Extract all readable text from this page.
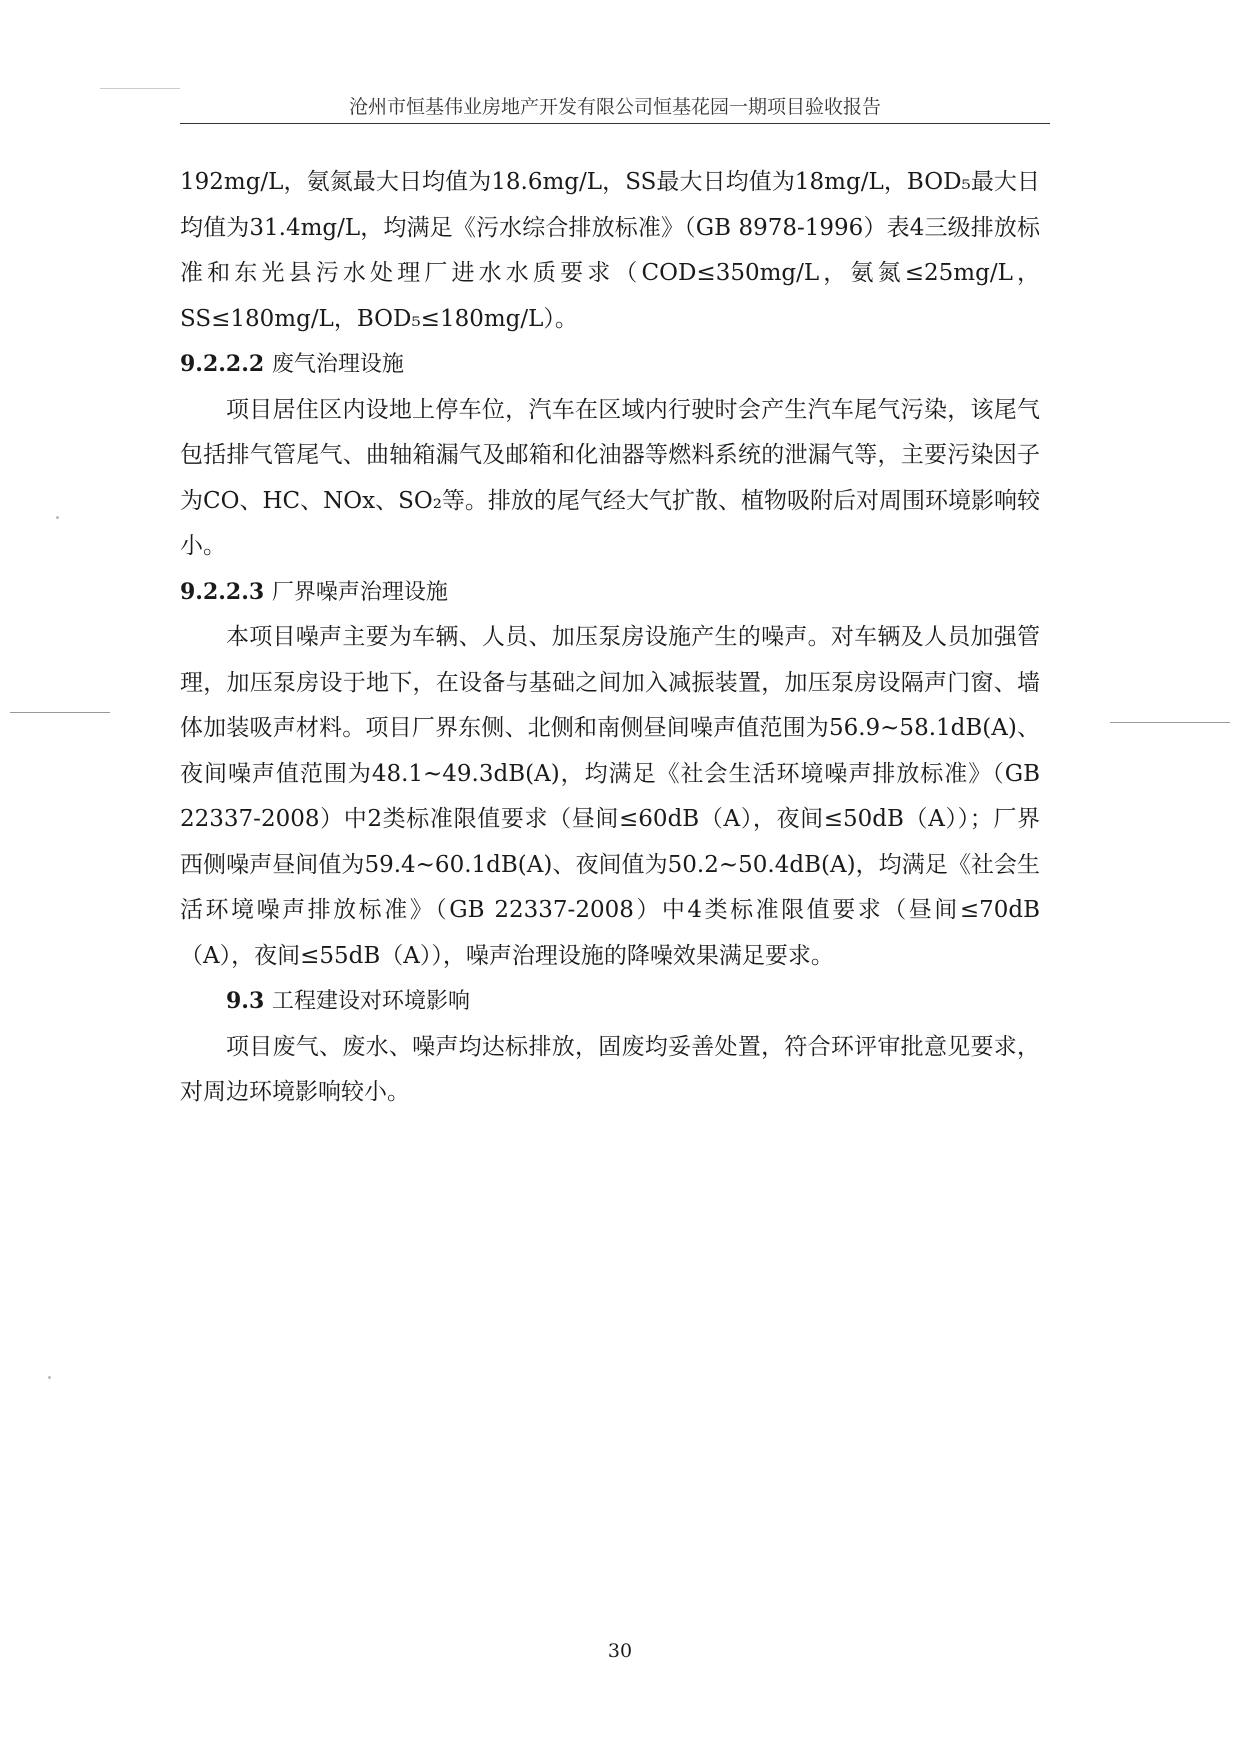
沧州市恒基伟业房地产开发有限公司恒基花园一期项目验收报告

192mg/L，氨氮最大日均值为18.6mg/L，SS最大日均值为18mg/L，BOD₅最大日均值为31.4mg/L，均满足《污水综合排放标准》（GB 8978-1996）表4三级排放标准和东光县污水处理厂进水水质要求（COD≤350mg/L，氨氮≤25mg/L，SS≤180mg/L，BOD₅≤180mg/L）。

9.2.2.2 废气治理设施

项目居住区内设地上停车位，汽车在区域内行驶时会产生汽车尾气污染，该尾气包括排气管尾气、曲轴箱漏气及邮箱和化油器等燃料系统的泄漏气等，主要污染因子为CO、HC、NOx、SO₂等。排放的尾气经大气扩散、植物吸附后对周围环境影响较小。

9.2.2.3 厂界噪声治理设施

本项目噪声主要为车辆、人员、加压泵房设施产生的噪声。对车辆及人员加强管理，加压泵房设于地下，在设备与基础之间加入减振装置，加压泵房设隔声门窗、墙体加装吸声材料。项目厂界东侧、北侧和南侧昼间噪声值范围为56.9~58.1dB(A)、夜间噪声值范围为48.1~49.3dB(A)，均满足《社会生活环境噪声排放标准》（GB 22337-2008）中2类标准限值要求（昼间≤60dB（A），夜间≤50dB（A））；厂界西侧噪声昼间值为59.4~60.1dB(A)、夜间值为50.2~50.4dB(A)，均满足《社会生活环境噪声排放标准》（GB 22337-2008）中4类标准限值要求（昼间≤70dB（A），夜间≤55dB（A）），噪声治理设施的降噪效果满足要求。

9.3 工程建设对环境影响

项目废气、废水、噪声均达标排放，固废均妥善处置，符合环评审批意见要求，对周边环境影响较小。

30
